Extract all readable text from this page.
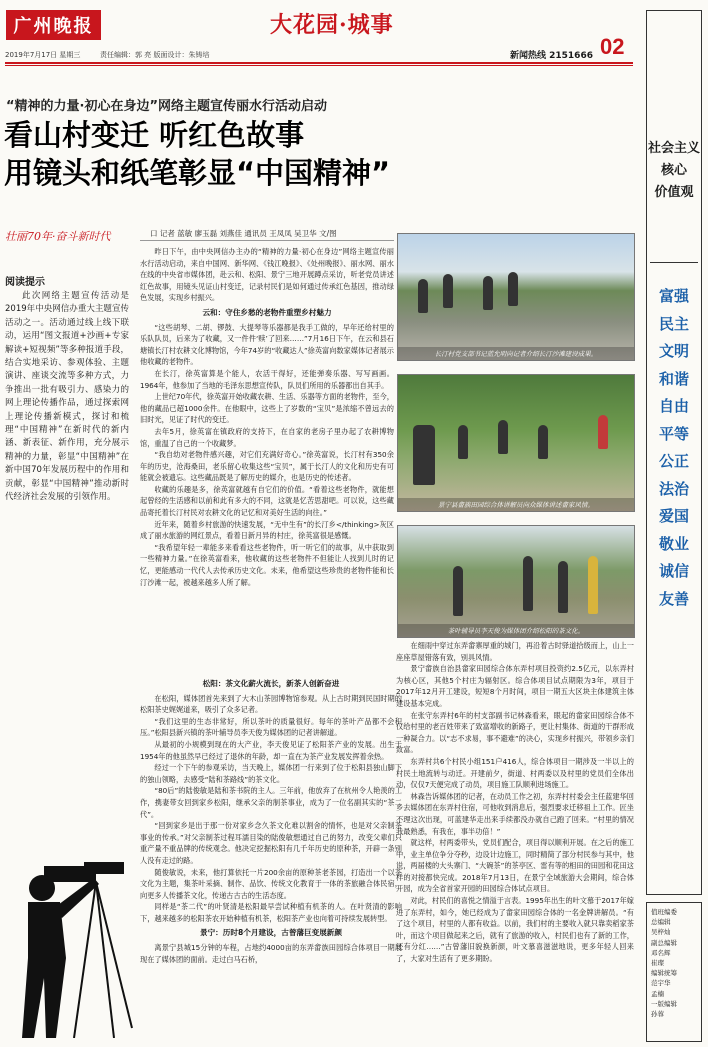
广州晚报	大花园·城事
02
新闻热线 2151666
2019年7月17日 星期三	责任编辑：郭 亮 版面设计：朱铸培
“精神的力量·初心在身边”网络主题宣传丽水行活动启动
看山村变迁 听红色故事
用镜头和纸笔彰显“中国精神”
壮丽70年·奋斗新时代	口 记者 蓝敏 廖玉磊 刘燕佳 通讯员 王凤凤 吴卫华 文/图
阅读提示
此次网络主题宣传活动是2019年中央网信办重大主题宣传活动之一。活动通过线上线下联动，运用“图文报道+沙画+专家解读+短视频”等多种报道手段，结合实地采访、参观体验、主题演讲、座谈交流等多种方式，力争推出一批有吸引力、感染力的网上理论传播作品，通过探索网上理论传播新模式，探讨和梳理“中国精神”在新时代的新内涵、新表征、新作用，充分展示精神的力量，彰显“中国精神”在新中国70年发展历程中的作用和贡献，彰显“中国精神”推动新时代经济社会发展的引领作用。

昨日下午，由中央网信办主办的“精神的力量·初心在身边”网络主题宣传丽水行活动启动，来自中国网、新华网、《钱江晚报》、《处州晚报》、丽水网、丽水在线的中央省市媒体团，赴云和、松阳、景宁三地开展蹲点采访，听老党员讲述红色故事，用镜头见证山村变迁，记录村民们是如何通过传承红色基因，推动绿色发展，实现乡村振兴。

云和：守住乡愁的老物件重塑乡村魅力

“这些胡琴、二胡、锣鼓、大提琴等乐器都是我手工做的，早年还给村里的乐队队员，后来为了收藏，又一件件‘赎’了回来……”7月16日下午，在云和县石塘镇长汀村农耕文化博物馆，今年74岁的“收藏达人”徐英富向数家媒体记者展示他收藏的老物件。

在长汀，徐英富算是个能人，农活干得好，还能弹奏乐器、写写画画。1964年，他参加了当地的毛泽东思想宣传队，队员们所用的乐器都出自其手。

上世纪70年代，徐英富开始收藏农耕、生活、乐器等方面的老物件，至今，他的藏品已超1000余件。在他眼中，这些上了岁数的“宝贝”是浓缩不曾远去的旧时光，见证了时代的变迁。

去年5月，徐英富在镇政府的支持下，在自家的老房子里办起了农耕博物馆，重温了自己的一个收藏梦。

“我自幼对老物件感兴趣，对它们充满好奇心。”徐英富说，长汀村有350余年的历史，沧海桑田，老乐留心收集这些“宝贝”，属于长汀人的文化和历史有可能就会被遗忘。这些藏品既是了解历史的媒介，也是历史的传述者。

收藏的乐趣是多，徐英富就越有自它们的价值。“看着这些老物件，就能想起曾经的生活感和以前和此有多大的不同，这就是忆苦思甜吧。可以说，这些藏品寄托着长汀村民对农耕文化的记忆和对美好生活的向往。”

近年来，随着乡村旅游的快速发展，“无中生有”的长汀乡</thinking>灰区成了丽水旅游的网红景点，看着日新月异的村庄，徐英富很是感慨。

“我希望年轻一辈能多来看看这些老物件，听一听它们的故事，从中获取到一些精神力量。”在徐英富看来，他收藏的这些老物件不但能让人找到儿时的记忆，更能感动一代代人去传承历史文化。未来，他希望这些珍贵的老物件能和长汀沙滩一起，被越来越多人所了解。

松阳：茶文化薪火流长，新茶人创新奋进

在松阳，媒体团首先来到了大木山茶园博物馆参观。从上古时期到民国时期的松阳茶史娓娓道来，吸引了众多记者。

“我们这里的生态非常好，所以茶叶的质量很好。每年的茶叶产品都不会积压。”松阳县新兴镇的茶叶辅导员李天俊为媒体团的记者讲解道。

从最初的小规模到现在的大产业，李天俊见证了松阳茶产业的发展。出生于1954年的他虽然早已经过了退休的年龄，却一直在为茶产业发展发挥着余热。

经过一个下午的参观采访，当天晚上，媒体团一行来到了位于松阳县独山脚下的独山领略，去感受“陆和茶路线”的茶文化。

“80后”的陆俊敏是陆和茶书院的主人。三年前，他放弃了在杭州令人艳羡的工作，携妻带女回到家乡松阳，继承父亲的制茶事业，成为了一位名副其实的“茶二代”。

“回到家乡是出于那一份对家乡念久茶文化难以割舍的情怀，也是对父亲制茶事业的传承。”对父亲制茶过程耳濡目染的陆俊敏想通过自己的努力，改变父辈们只重产量不重品牌的传统观念。他决定挖掘松阳有几千年历史的原种茶，开辟一条别人没有走过的路。

随俊敏说，未来，他打算依托一片200余亩的原种茶老茶园，打造出一个以茶文化为主题，集茶叶采摘、制作、品饮、传统文化教育于一体的茶旅融合体民宿，向更多人传播茶文化，传递古古古的生活态度。

同样是“茶二代”的叶贤清是松阳最早尝试种植有机茶的人。在叶贤清的影响下，越来越多的松阳茶农开始种植有机茶，松阳茶产业也向着可持续发展转型。

景宁：历时8个月建设，古曾藩巨变展新颜

离景宁县城15分钟的车程，占地约4000亩的东弄畲族田园综合体项目一期展现在了媒体团的面前。走过白马石桥，

在细雨中穿过东弄畲寨厚重的城门，再沿着古时驿道拾级而上，山上一座座草屋错落有致，别具风情。

景宁畲族自治县畲家田园综合体东弄村项目投资约2.5亿元，以东弄村为核心区，其他5个村庄为辐射区。综合体项目试点期限为3年，项目于2017年12月开工建设，短短8个月时间，项目一期五大区块主体建筑主体建设基本完成。

在张守东弄村6年的村支部副书记林森看来，眼起的畲家田园综合体不仅给村里的老百姓带来了致富增收的新路子，更让村集体、街道的干群形成一种凝合力。以“志不求易，事不避难”的决心，实现乡村振兴，带领乡亲们致富。

东弄村共6个村民小组151户416人，综合体项目一期涉及一半以上的村民土地流转与动迁。开建前夕，街道、村两委以及村里的党员们全体出动，仅仅7天便完成了动员，项目施工队顺利进场施工。

林森告诉媒体团的记者，在动员工作之初，东弄村村委会主任蓝建华回乡去媒体团在东弄村住宿，可他收到消息后，强烈要求迁移祖上工作。匠坐不理这次出现，可蓝建华走出来手续都没办就自己跑了回来。“村里的情况我最熟悉，有我在，事半功倍！”

就这样，村两委带头，党员们配合，项目得以顺利开展。在之后的施工中，业主单位争分夺秒，边设计边施工，同时精简了部分村民参与其中，他说，两届楼的大头寨门、“大碗茶”的茶亭区、雷有等的相田的田园和花田这样的对接都快完成。2018年7月13日，在景宁全域旅游大会期间，综合体开园，成为全省首家开园的田园综合体试点项目。

对此，村民们的喜悦之情溢于言表。1995年出生的叶文慕于2017年嫁进了东弄村，如今，她已经成为了畲家田园综合体的一名金牌讲解员。“有了这个项目，村里的人都有收益。以前，我们村的主要收入就只靠卖稻家茶叶，而这个项目做起来之后，就有了旅游的收入，村民们也有了新的工作，还有分红……”古曾藩旧貌换新颜，叶文慕喜滋滋地说，更多年轻人回来了，大家对生活有了更多期盼。

长汀村党支部书记蓝允明向记者介绍长汀沙滩建设成果。
景宁县畲族田园综合体讲解员向众媒体讲述畲家风情。
茶叶辅导员李天俊为媒体团介绍松阳的茶文化。
社会主义
核心
价值观
富强
民主
文明
和谐
自由
平等
公正
法治
爱国
敬业
诚信
友善
值班编委
总编辑
吴梓灿
副总编辑
邓名辉
崔璨
编辑统筹
范宇华
孟楠
一版编辑
孙蓉
